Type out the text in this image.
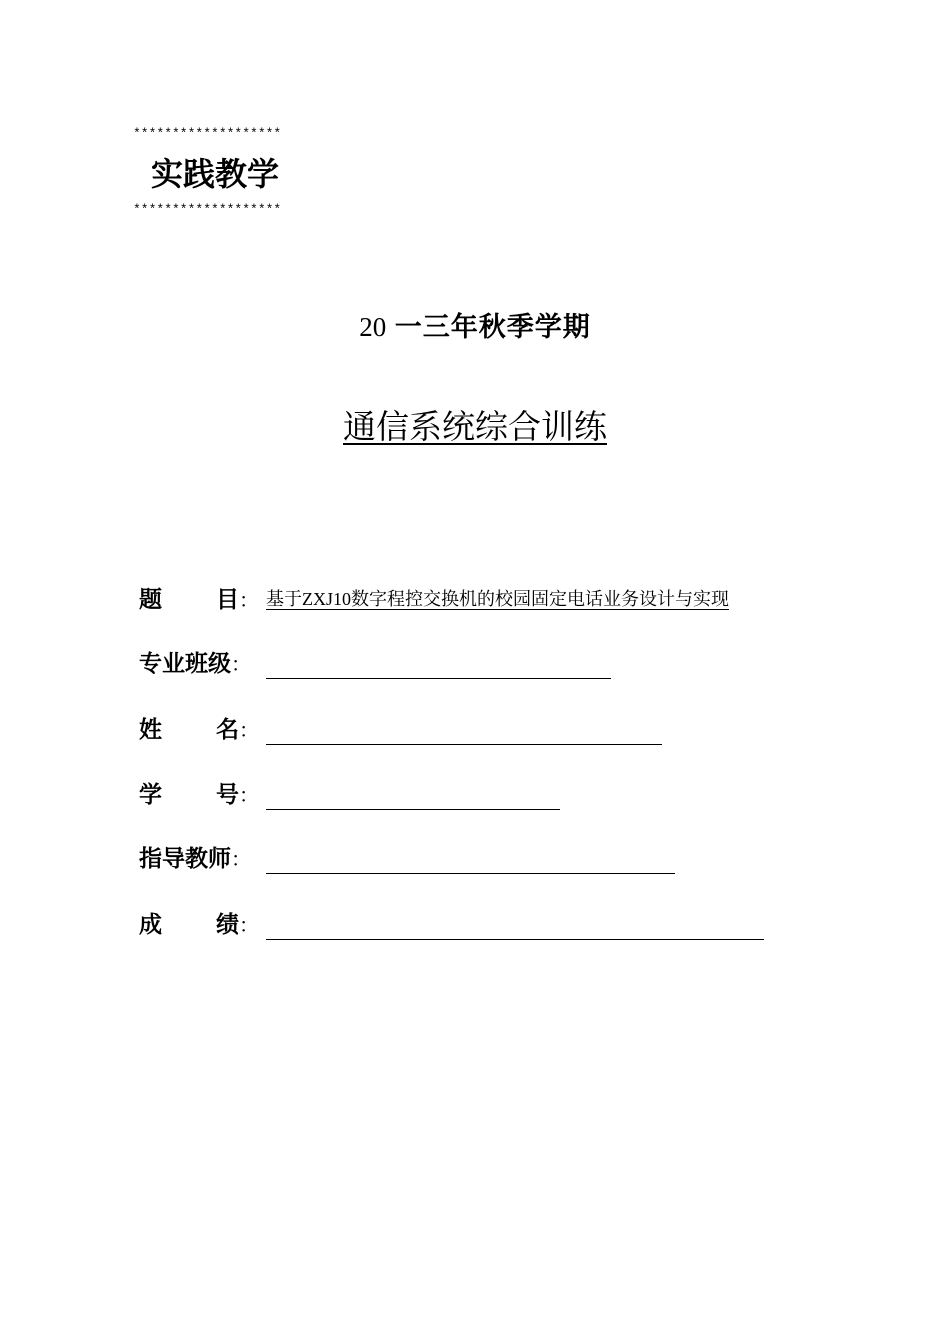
*******************
实践教学
*******************
20 一三年秋季学期
通信系统综合训练
题 目 ： 基于ZXJ10数字程控交换机的校园固定电话业务设计与实现
专业班级：
姓 名 ：
学 号 ：
指导教师：
成 绩 ：
